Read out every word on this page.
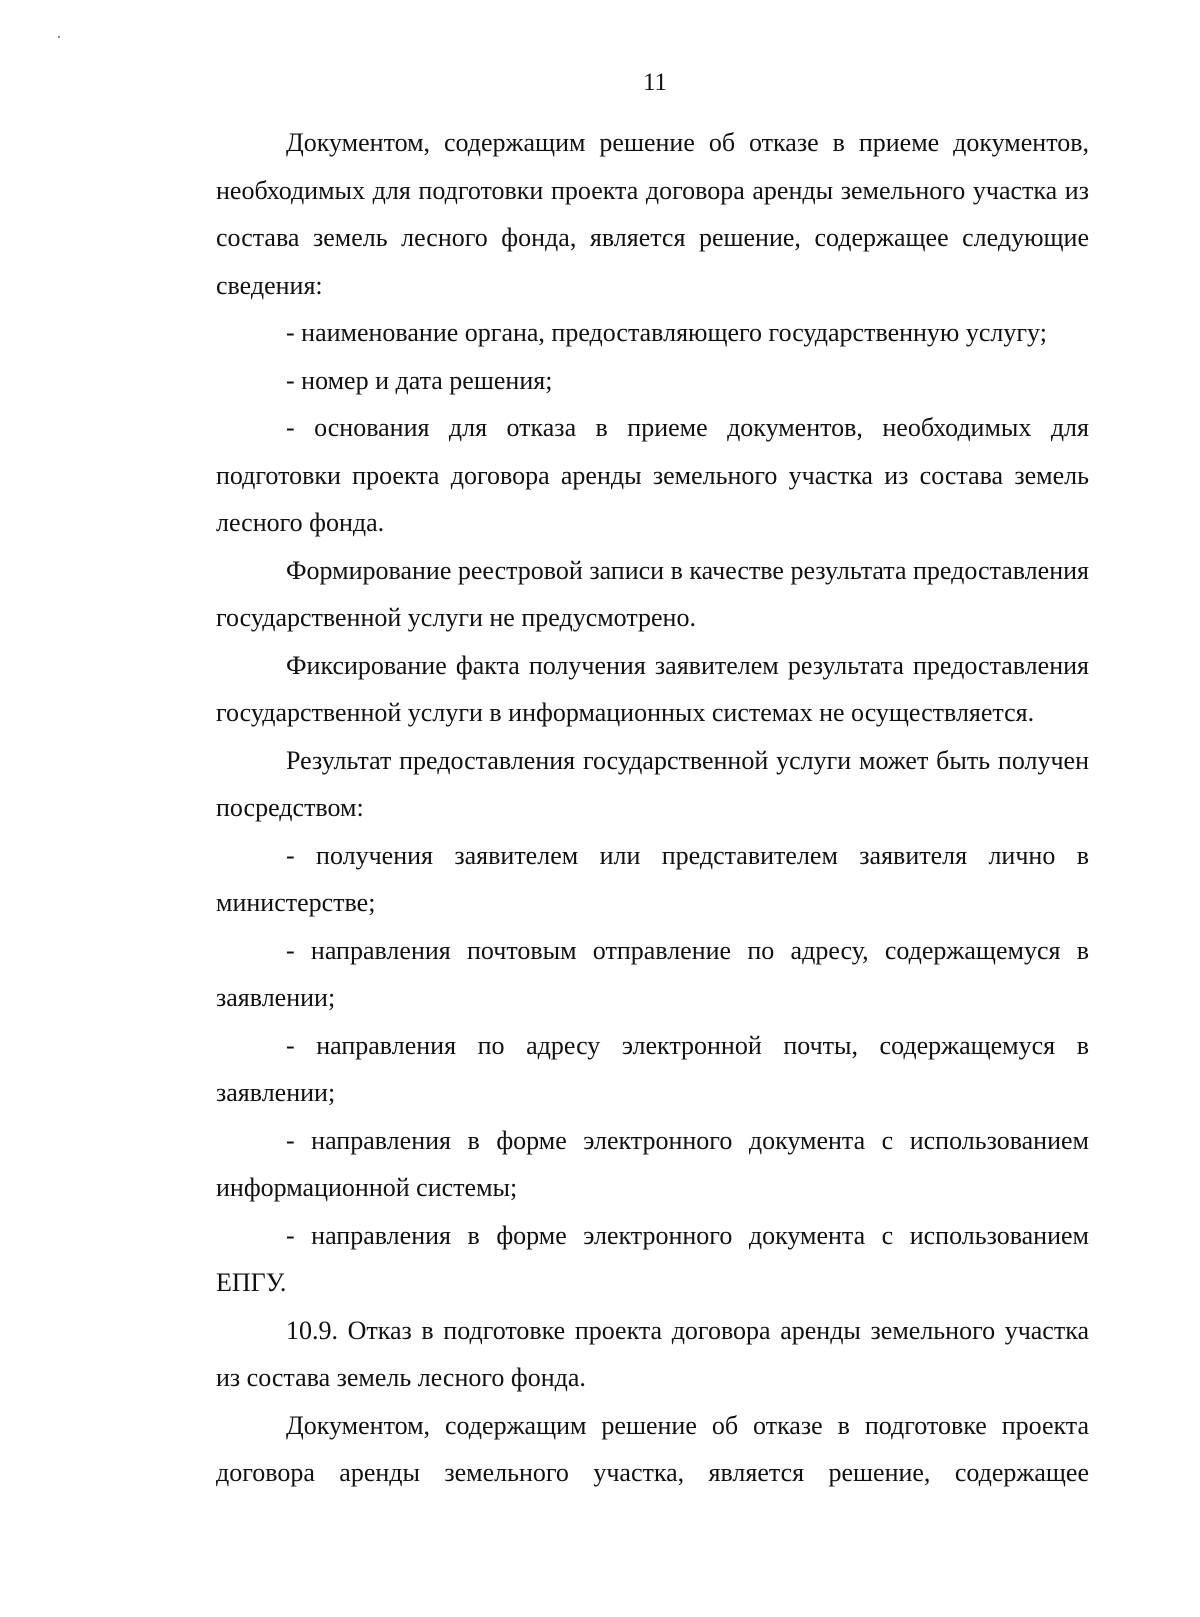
11

Документом, содержащим решение об отказе в приеме документов, необходимых для подготовки проекта договора аренды земельного участка из состава земель лесного фонда, является решение, содержащее следующие сведения:

- наименование органа, предоставляющего государственную услугу;

- номер и дата решения;

- основания для отказа в приеме документов, необходимых для подготовки проекта договора аренды земельного участка из состава земель лесного фонда.

Формирование реестровой записи в качестве результата предоставления государственной услуги не предусмотрено.

Фиксирование факта получения заявителем результата предоставления государственной услуги в информационных системах не осуществляется.

Результат предоставления государственной услуги может быть получен посредством:

- получения заявителем или представителем заявителя лично в министерстве;

- направления почтовым отправление по адресу, содержащемуся в заявлении;

- направления по адресу электронной почты, содержащемуся в заявлении;

- направления в форме электронного документа с использованием информационной системы;

- направления в форме электронного документа с использованием ЕПГУ.

10.9. Отказ в подготовке проекта договора аренды земельного участка из состава земель лесного фонда.

Документом, содержащим решение об отказе в подготовке проекта договора аренды земельного участка, является решение, содержащее
